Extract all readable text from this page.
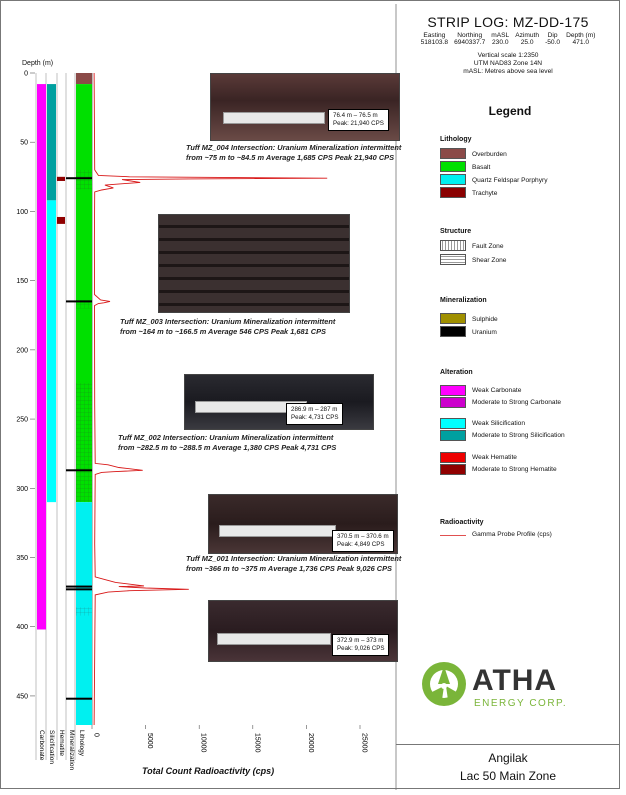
0
50
100
150
200
250
300
350
400
450
0	5000	10000	15000	20000	25000
Carbonate Silicification Hematite Mineralization Lithology
STRIP LOG: MZ-DD-175
Easting
518103.8
Northing
6940337.7
mASL
230.0
Azimuth
25.0
Dip
-50.0
Depth (m)
471.0
Vertical scale 1:2350
UTM NAD83 Zone 14N
mASL: Metres above sea level
Legend
Lithology
Overburden
Basalt
Quartz Feldspar Porphyry
Trachyte
Structure
Fault Zone
Shear Zone
Mineralization
Sulphide
Uranium
Alteration
Weak Carbonate
Moderate to Strong Carbonate
Weak Silicification
Moderate to Strong Silicification
Weak Hematite
Moderate to Strong Hematite
Radioactivity
Gamma Probe Profile (cps)
ATHA
ENERGY CORP.
Angilak
Lac 50 Main Zone
Tuff MZ_004 Intersection: Uranium Mineralization intermittent from ~75 m to ~84.5 m Average 1,685 CPS Peak 21,940 CPS
Tuff MZ_003 Intersection: Uranium Mineralization intermittent from ~164 m to ~166.5 m Average 546 CPS Peak 1,681 CPS
Tuff MZ_002 Intersection: Uranium Mineralization intermittent from ~282.5 m to ~288.5 m Average 1,380 CPS Peak 4,731 CPS
Tuff MZ_001 Intersection: Uranium Mineralization intermittent from ~366 m to ~375 m Average 1,736 CPS Peak 9,026 CPS
76.4 m – 76.5 m
Peak: 21,940 CPS
286.9 m – 287 m
Peak: 4,731 CPS
370.5 m – 370.6 m
Peak: 4,849 CPS
372.9 m – 373 m
Peak: 9,026 CPS
Total Count Radioactivity (cps)
Depth (m)
